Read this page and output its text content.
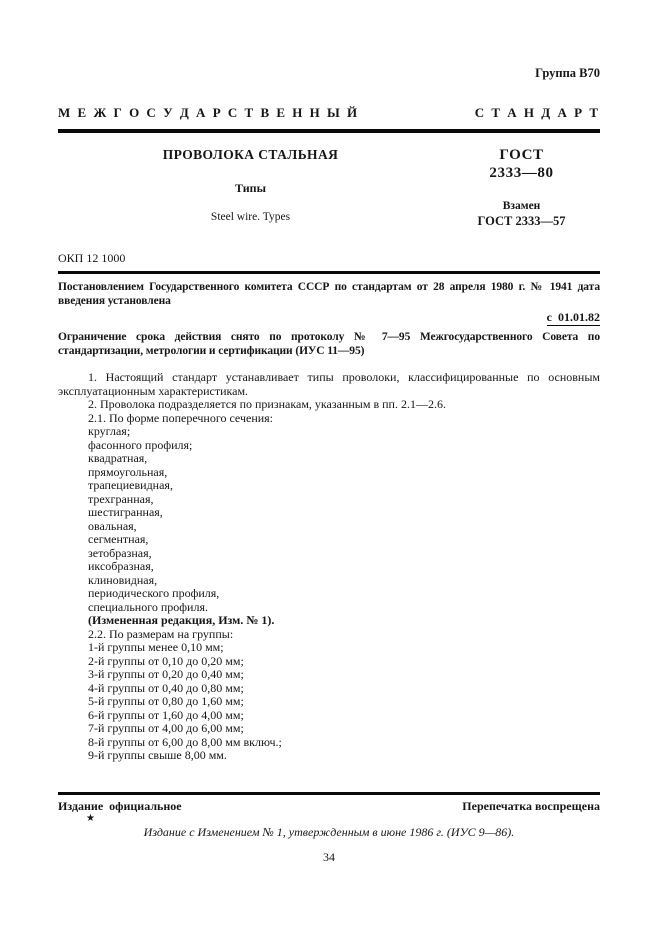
Группа В70
М Е Ж Г О С У Д А Р С Т В Е Н Н Ы Й	С Т А Н Д А Р Т
ПРОВОЛОКА СТАЛЬНАЯ
Типы
Steel wire. Types
ГОСТ
2333—80
Взамен
ГОСТ 2333—57
ОКП 12 1000

Постановлением Государственного комитета СССР по стандартам от 28 апреля 1980 г. № 1941 дата введения установлена

с  01.01.82

Ограничение срока действия снято по протоколу № 7—95 Межгосударственного Совета по стандартизации, метрологии и сертификации (ИУС 11—95)

1. Настоящий стандарт устанавливает типы проволоки, классифицированные по основным эксплуатационным характеристикам.

2. Проволока подразделяется по признакам, указанным в пп. 2.1—2.6.

2.1. По форме поперечного сечения:

круглая;
фасонного профиля;
квадратная,
прямоугольная,
трапециевидная,
трехгранная,
шестигранная,
овальная,
сегментная,
зетобразная,
иксобразная,
клиновидная,
периодического профиля,
специального профиля.

(Измененная редакция, Изм. № 1).

2.2. По размерам на группы:

1-й группы менее 0,10 мм;
2-й группы от 0,10 до 0,20 мм;
3-й группы от 0,20 до 0,40 мм;
4-й группы от 0,40 до 0,80 мм;
5-й группы от 0,80 до 1,60 мм;
6-й группы от 1,60 до 4,00 мм;
7-й группы от 4,00 до 6,00 мм;
8-й группы от 6,00 до 8,00 мм включ.;
9-й группы свыше 8,00 мм.
Издание  официальное	Перепечатка воспрещена
★
Издание с Изменением № 1, утвержденным в июне 1986 г. (ИУС 9—86).
34
